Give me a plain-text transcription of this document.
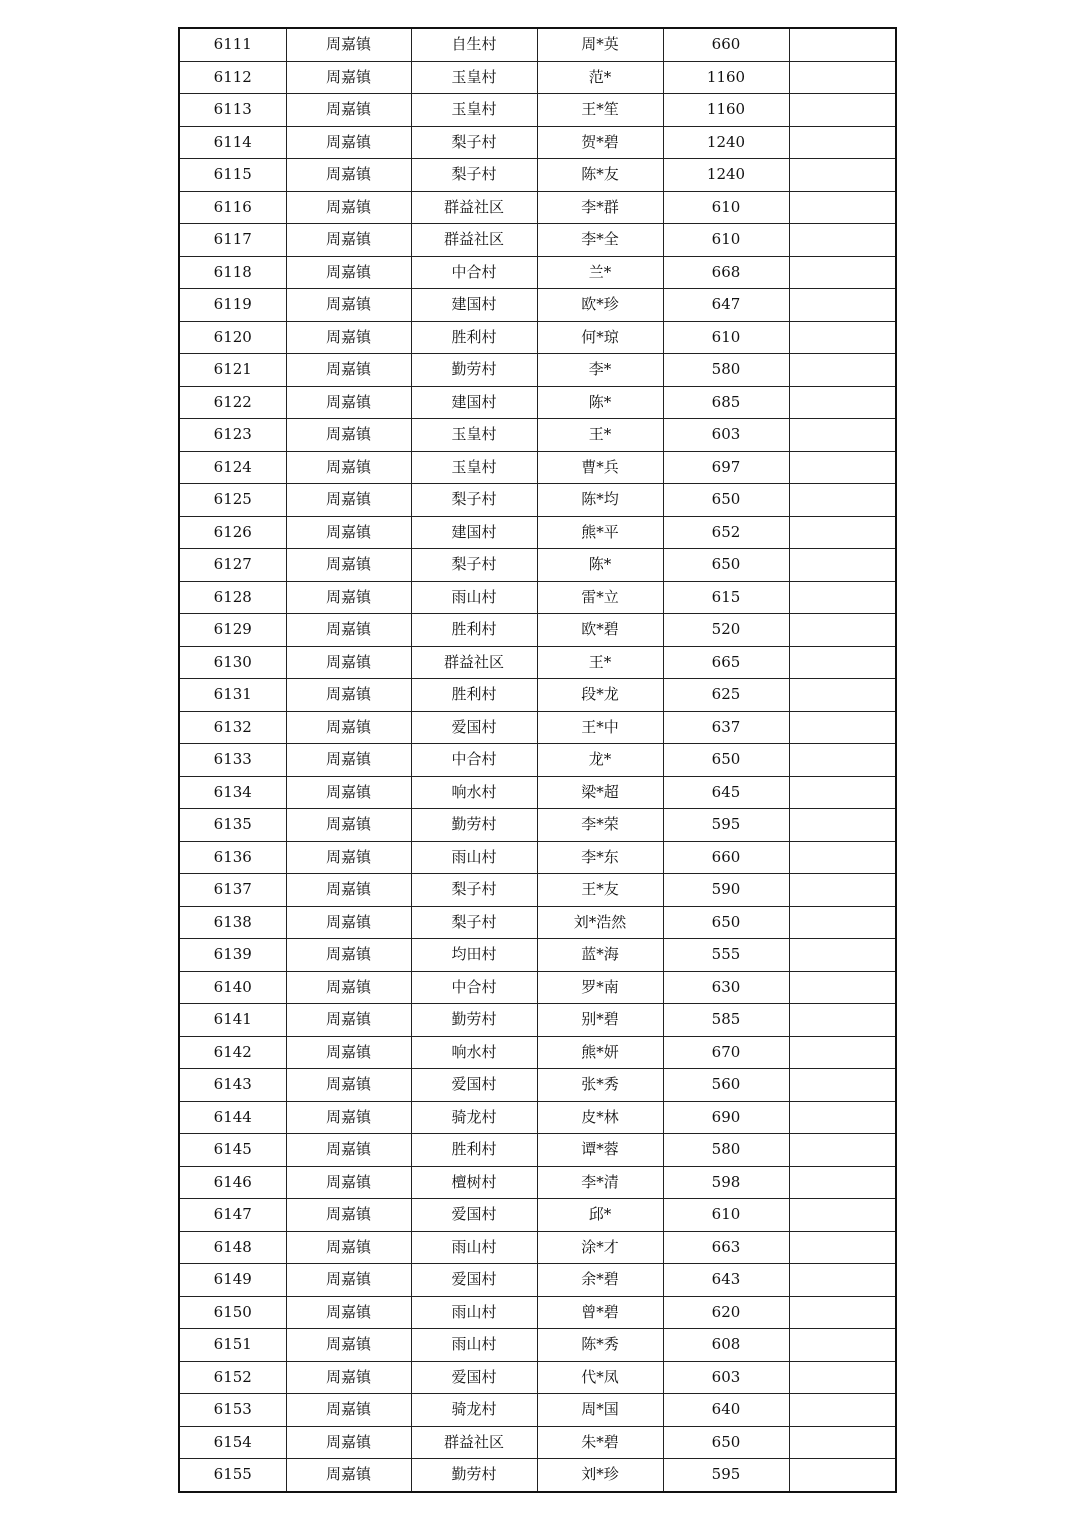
6111	周嘉镇	自生村	周*英	660	
6112	周嘉镇	玉皇村	范*	1160	
6113	周嘉镇	玉皇村	王*笙	1160	
6114	周嘉镇	梨子村	贺*碧	1240	
6115	周嘉镇	梨子村	陈*友	1240	
6116	周嘉镇	群益社区	李*群	610	
6117	周嘉镇	群益社区	李*全	610	
6118	周嘉镇	中合村	兰*	668	
6119	周嘉镇	建国村	欧*珍	647	
6120	周嘉镇	胜利村	何*琼	610	
6121	周嘉镇	勤劳村	李*	580	
6122	周嘉镇	建国村	陈*	685	
6123	周嘉镇	玉皇村	王*	603	
6124	周嘉镇	玉皇村	曹*兵	697	
6125	周嘉镇	梨子村	陈*均	650	
6126	周嘉镇	建国村	熊*平	652	
6127	周嘉镇	梨子村	陈*	650	
6128	周嘉镇	雨山村	雷*立	615	
6129	周嘉镇	胜利村	欧*碧	520	
6130	周嘉镇	群益社区	王*	665	
6131	周嘉镇	胜利村	段*龙	625	
6132	周嘉镇	爱国村	王*中	637	
6133	周嘉镇	中合村	龙*	650	
6134	周嘉镇	响水村	梁*超	645	
6135	周嘉镇	勤劳村	李*荣	595	
6136	周嘉镇	雨山村	李*东	660	
6137	周嘉镇	梨子村	王*友	590	
6138	周嘉镇	梨子村	刘*浩然	650	
6139	周嘉镇	均田村	蓝*海	555	
6140	周嘉镇	中合村	罗*南	630	
6141	周嘉镇	勤劳村	别*碧	585	
6142	周嘉镇	响水村	熊*妍	670	
6143	周嘉镇	爱国村	张*秀	560	
6144	周嘉镇	骑龙村	皮*林	690	
6145	周嘉镇	胜利村	谭*蓉	580	
6146	周嘉镇	檀树村	李*清	598	
6147	周嘉镇	爱国村	邱*	610	
6148	周嘉镇	雨山村	涂*才	663	
6149	周嘉镇	爱国村	余*碧	643	
6150	周嘉镇	雨山村	曾*碧	620	
6151	周嘉镇	雨山村	陈*秀	608	
6152	周嘉镇	爱国村	代*凤	603	
6153	周嘉镇	骑龙村	周*国	640	
6154	周嘉镇	群益社区	朱*碧	650	
6155	周嘉镇	勤劳村	刘*珍	595	
